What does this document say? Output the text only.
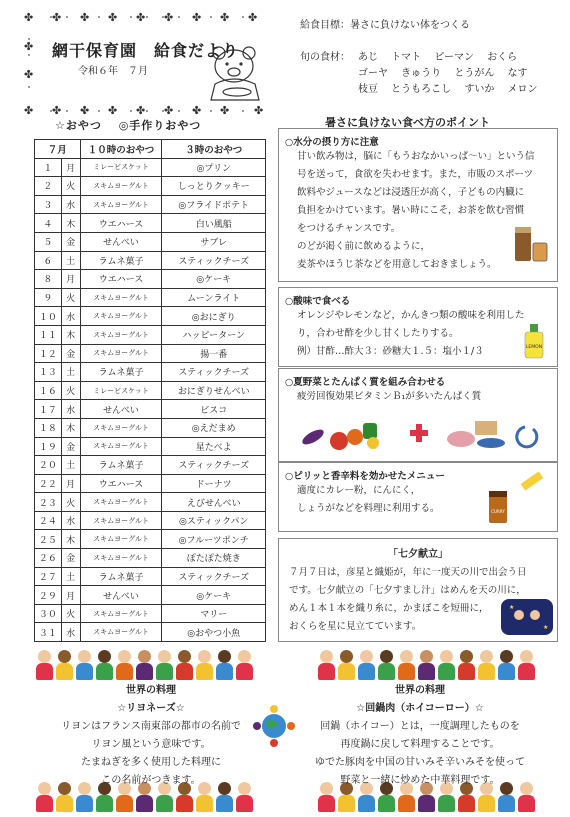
✤ ✤ ✤ ✤ ✤ ✤ ✤ ✤ ✤
✤
✤
✤ ✤ ✤ ✤ ✤ ✤ ✤ ✤ ✤
網干保育園　給食だより
令和６年　７月
給食目標：暑さに負けない体をつくる
旬の食材： あじ　 トマト　 ピーマン　 おくら
ゴーヤ　 きゅうり　 とうがん　 なす
枝豆　 とうもろこし　 すいか　 メロン
☆おやつ　 ◎手作りおやつ
７月		１０時のおやつ	３時のおやつ
１	月	ミレービスケット	◎プリン
２	火	スキムヨーグルト	しっとりクッキー
３	水	スキムヨーグルト	◎フライドポテト
４	木	ウエハース	白い風船
５	金	せんべい	サブレ
６	土	ラムネ菓子	スティックチーズ
８	月	ウエハース	◎ケーキ
９	火	スキムヨーグルト	ムーンライト
１０	水	スキムヨーグルト	◎おにぎり
１１	木	スキムヨーグルト	ハッピーターン
１２	金	スキムヨーグルト	揚一番
１３	土	ラムネ菓子	スティックチーズ
１６	火	ミレービスケット	おにぎりせんべい
１７	水	せんべい	ビスコ
１８	木	スキムヨーグルト	◎えだまめ
１９	金	スキムヨーグルト	星たべよ
２０	土	ラムネ菓子	スティックチーズ
２２	月	ウエハース	ドーナツ
２３	火	スキムヨーグルト	えびせんべい
２４	水	スキムヨーグルト	◎スティックパン
２５	木	スキムヨーグルト	◎フルーツポンチ
２６	金	スキムヨーグルト	ぽたぽた焼き
２７	土	ラムネ菓子	スティックチーズ
２９	月	せんべい	◎ケーキ
３０	火	スキムヨーグルト	マリー
３１	水	スキムヨーグルト	◎おやつ小魚
暑さに負けない食べ方のポイント
○水分の摂り方に注意
甘い飲み物は，脳に「もうおなかいっぱ～い」という信
号を送って，食欲を失わせます。また，市販のスポーツ
飲料やジュースなどは浸透圧が高く，子どもの内臓に
負担をかけています。暑い時にこそ，お茶を飲む習慣
をつけるチャンスです。
のどが渇く前に飲めるように，
麦茶やほうじ茶などを用意しておきましょう。
○酸味で食べる
オレンジやレモンなど，かんきつ類の酸味を利用した
り，合わせ酢を少し甘くしたりする。
例）甘酢…酢大３：砂糖大１.５：塩小１/３	LEMON
○夏野菜とたんぱく質を組み合わせる
疲労回復効果ビタミンＢ₁が多いたんぱく質
○ピリッと香辛料を効かせたメニュー
適度にカレー粉，にんにく，
しょうがなどを料理に利用する。	CURRY
「七夕献立」
７月７日は，彦星と織姫が，年に一度天の川で出会う日
です。七夕献立の「七夕すまし汁」はめんを天の川に，
めん１本１本を織り糸に，かまぼこを短冊に，
おくらを星に見立てています。
★
★
世界の料理
☆リヨネーズ☆
リヨンはフランス南東部の都市の名前で
リヨン風という意味です。
たまねぎを多く使用した料理に
この名前がつきます。
世界の料理
☆回鍋肉（ホイコーロー）☆
回鍋（ホイコー）とは，一度調理したものを
再度鍋に戻して料理することです。
ゆでた豚肉を中国の甘いみそ辛いみそを使って
野菜と一緒に炒めた中華料理です。
